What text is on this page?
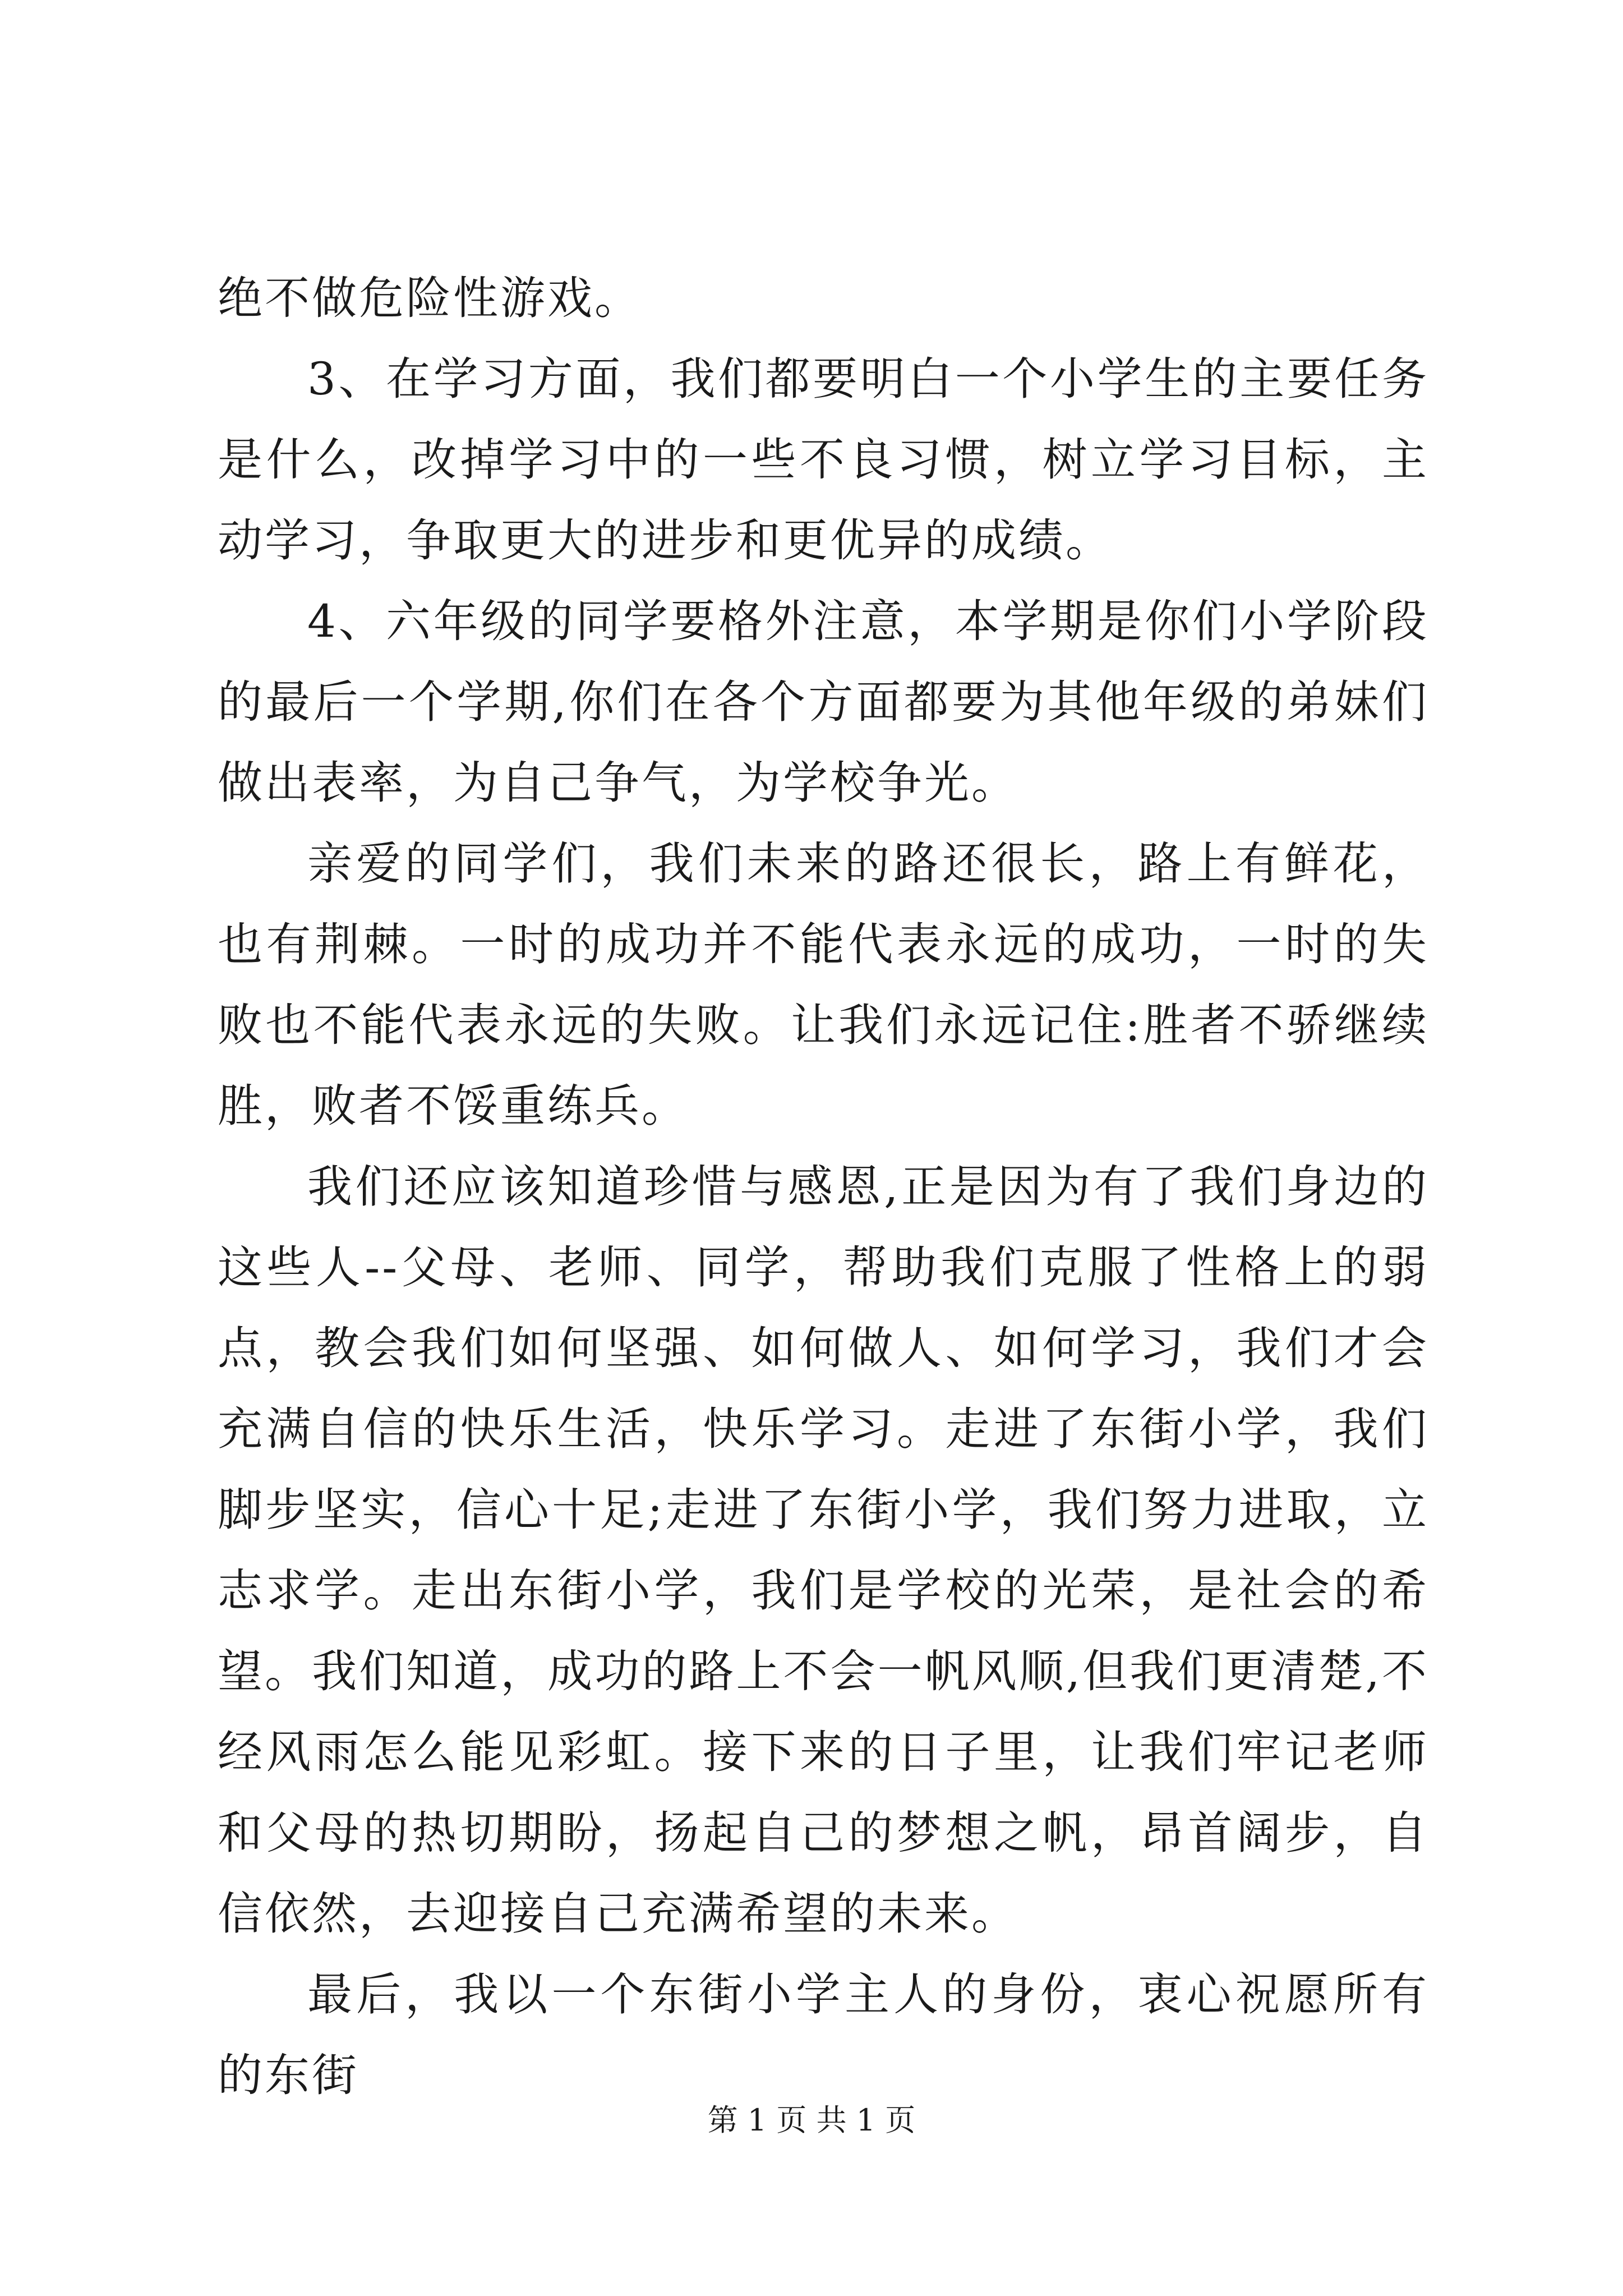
绝不做危险性游戏。

3、在学习方面，我们都要明白一个小学生的主要任务是什么，改掉学习中的一些不良习惯，树立学习目标，主动学习，争取更大的进步和更优异的成绩。

4、六年级的同学要格外注意，本学期是你们小学阶段的最后一个学期,你们在各个方面都要为其他年级的弟妹们做出表率，为自己争气，为学校争光。

亲爱的同学们，我们未来的路还很长，路上有鲜花，也有荆棘。一时的成功并不能代表永远的成功，一时的失败也不能代表永远的失败。让我们永远记住:胜者不骄继续胜，败者不馁重练兵。

我们还应该知道珍惜与感恩,正是因为有了我们身边的这些人--父母、老师、同学，帮助我们克服了性格上的弱点，教会我们如何坚强、如何做人、如何学习，我们才会充满自信的快乐生活，快乐学习。走进了东街小学，我们脚步坚实，信心十足;走进了东街小学，我们努力进取，立志求学。走出东街小学，我们是学校的光荣，是社会的希望。我们知道，成功的路上不会一帆风顺,但我们更清楚,不经风雨怎么能见彩虹。接下来的日子里，让我们牢记老师和父母的热切期盼，扬起自己的梦想之帆，昂首阔步，自信依然，去迎接自己充满希望的未来。

最后，我以一个东街小学主人的身份，衷心祝愿所有的东街

第 1 页 共 1 页
